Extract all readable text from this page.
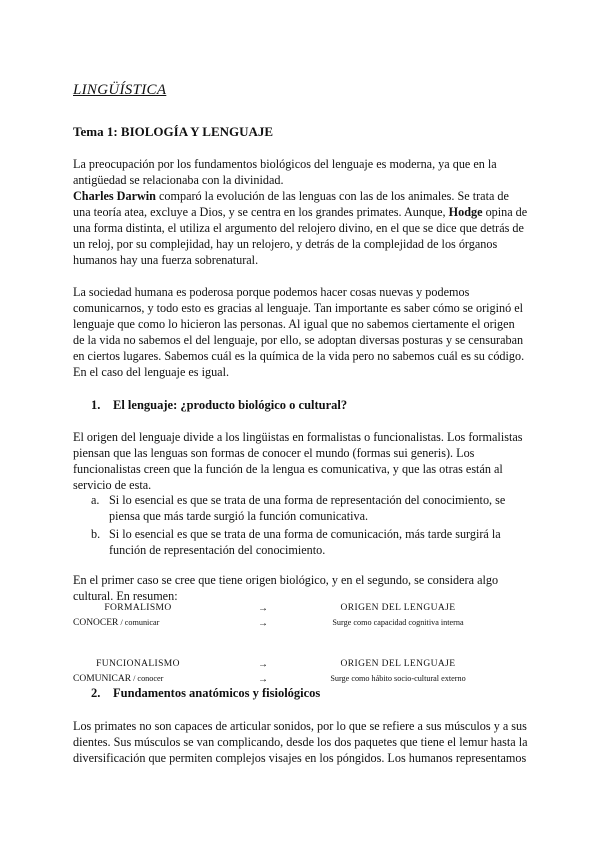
LINGÜÍSTICA
Tema 1: BIOLOGÍA Y LENGUAJE

La preocupación por los fundamentos biológicos del lenguaje es moderna, ya que en la antigüedad se relacionaba con la divinidad.
Charles Darwin comparó la evolución de las lenguas con las de los animales. Se trata de una teoría atea, excluye a Dios, y se centra en los grandes primates. Aunque, Hodge opina de una forma distinta, el utiliza el argumento del relojero divino, en el que se dice que detrás de un reloj, por su complejidad, hay un relojero, y detrás de la complejidad de los órganos humanos hay una fuerza sobrenatural.

La sociedad humana es poderosa porque podemos hacer cosas nuevas y podemos comunicarnos, y todo esto es gracias al lenguaje. Tan importante es saber cómo se originó el lenguaje que como lo hicieron las personas. Al igual que no sabemos ciertamente el origen de la vida no sabemos el del lenguaje, por ello, se adoptan diversas posturas y se censuraban en ciertos lugares. Sabemos cuál es la química de la vida pero no sabemos cuál es su código. En el caso del lenguaje es igual.

1. El lenguaje: ¿producto biológico o cultural?

El origen del lenguaje divide a los lingüistas en formalistas o funcionalistas. Los formalistas piensan que las lenguas son formas de conocer el mundo (formas sui generis). Los funcionalistas creen que la función de la lengua es comunicativa, y que las otras están al servicio de esta.

a. Si lo esencial es que se trata de una forma de representación del conocimiento, se piensa que más tarde surgió la función comunicativa.
b. Si lo esencial es que se trata de una forma de comunicación, más tarde surgirá la función de representación del conocimiento.

En el primer caso se cree que tiene origen biológico, y en el segundo, se considera algo cultural. En resumen:

FORMALISMO	→	ORIGEN DEL LENGUAJE
CONOCER / comunicar	→	Surge como capacidad cognitiva interna
FUNCIONALISMO	→	ORIGEN DEL LENGUAJE
COMUNICAR / conocer	→	Surge como hábito socio-cultural externo
2. Fundamentos anatómicos y fisiológicos

Los primates no son capaces de articular sonidos, por lo que se refiere a sus músculos y a sus dientes. Sus músculos se van complicando, desde los dos paquetes que tiene el lemur hasta la diversificación que permiten complejos visajes en los póngidos. Los humanos representamos
